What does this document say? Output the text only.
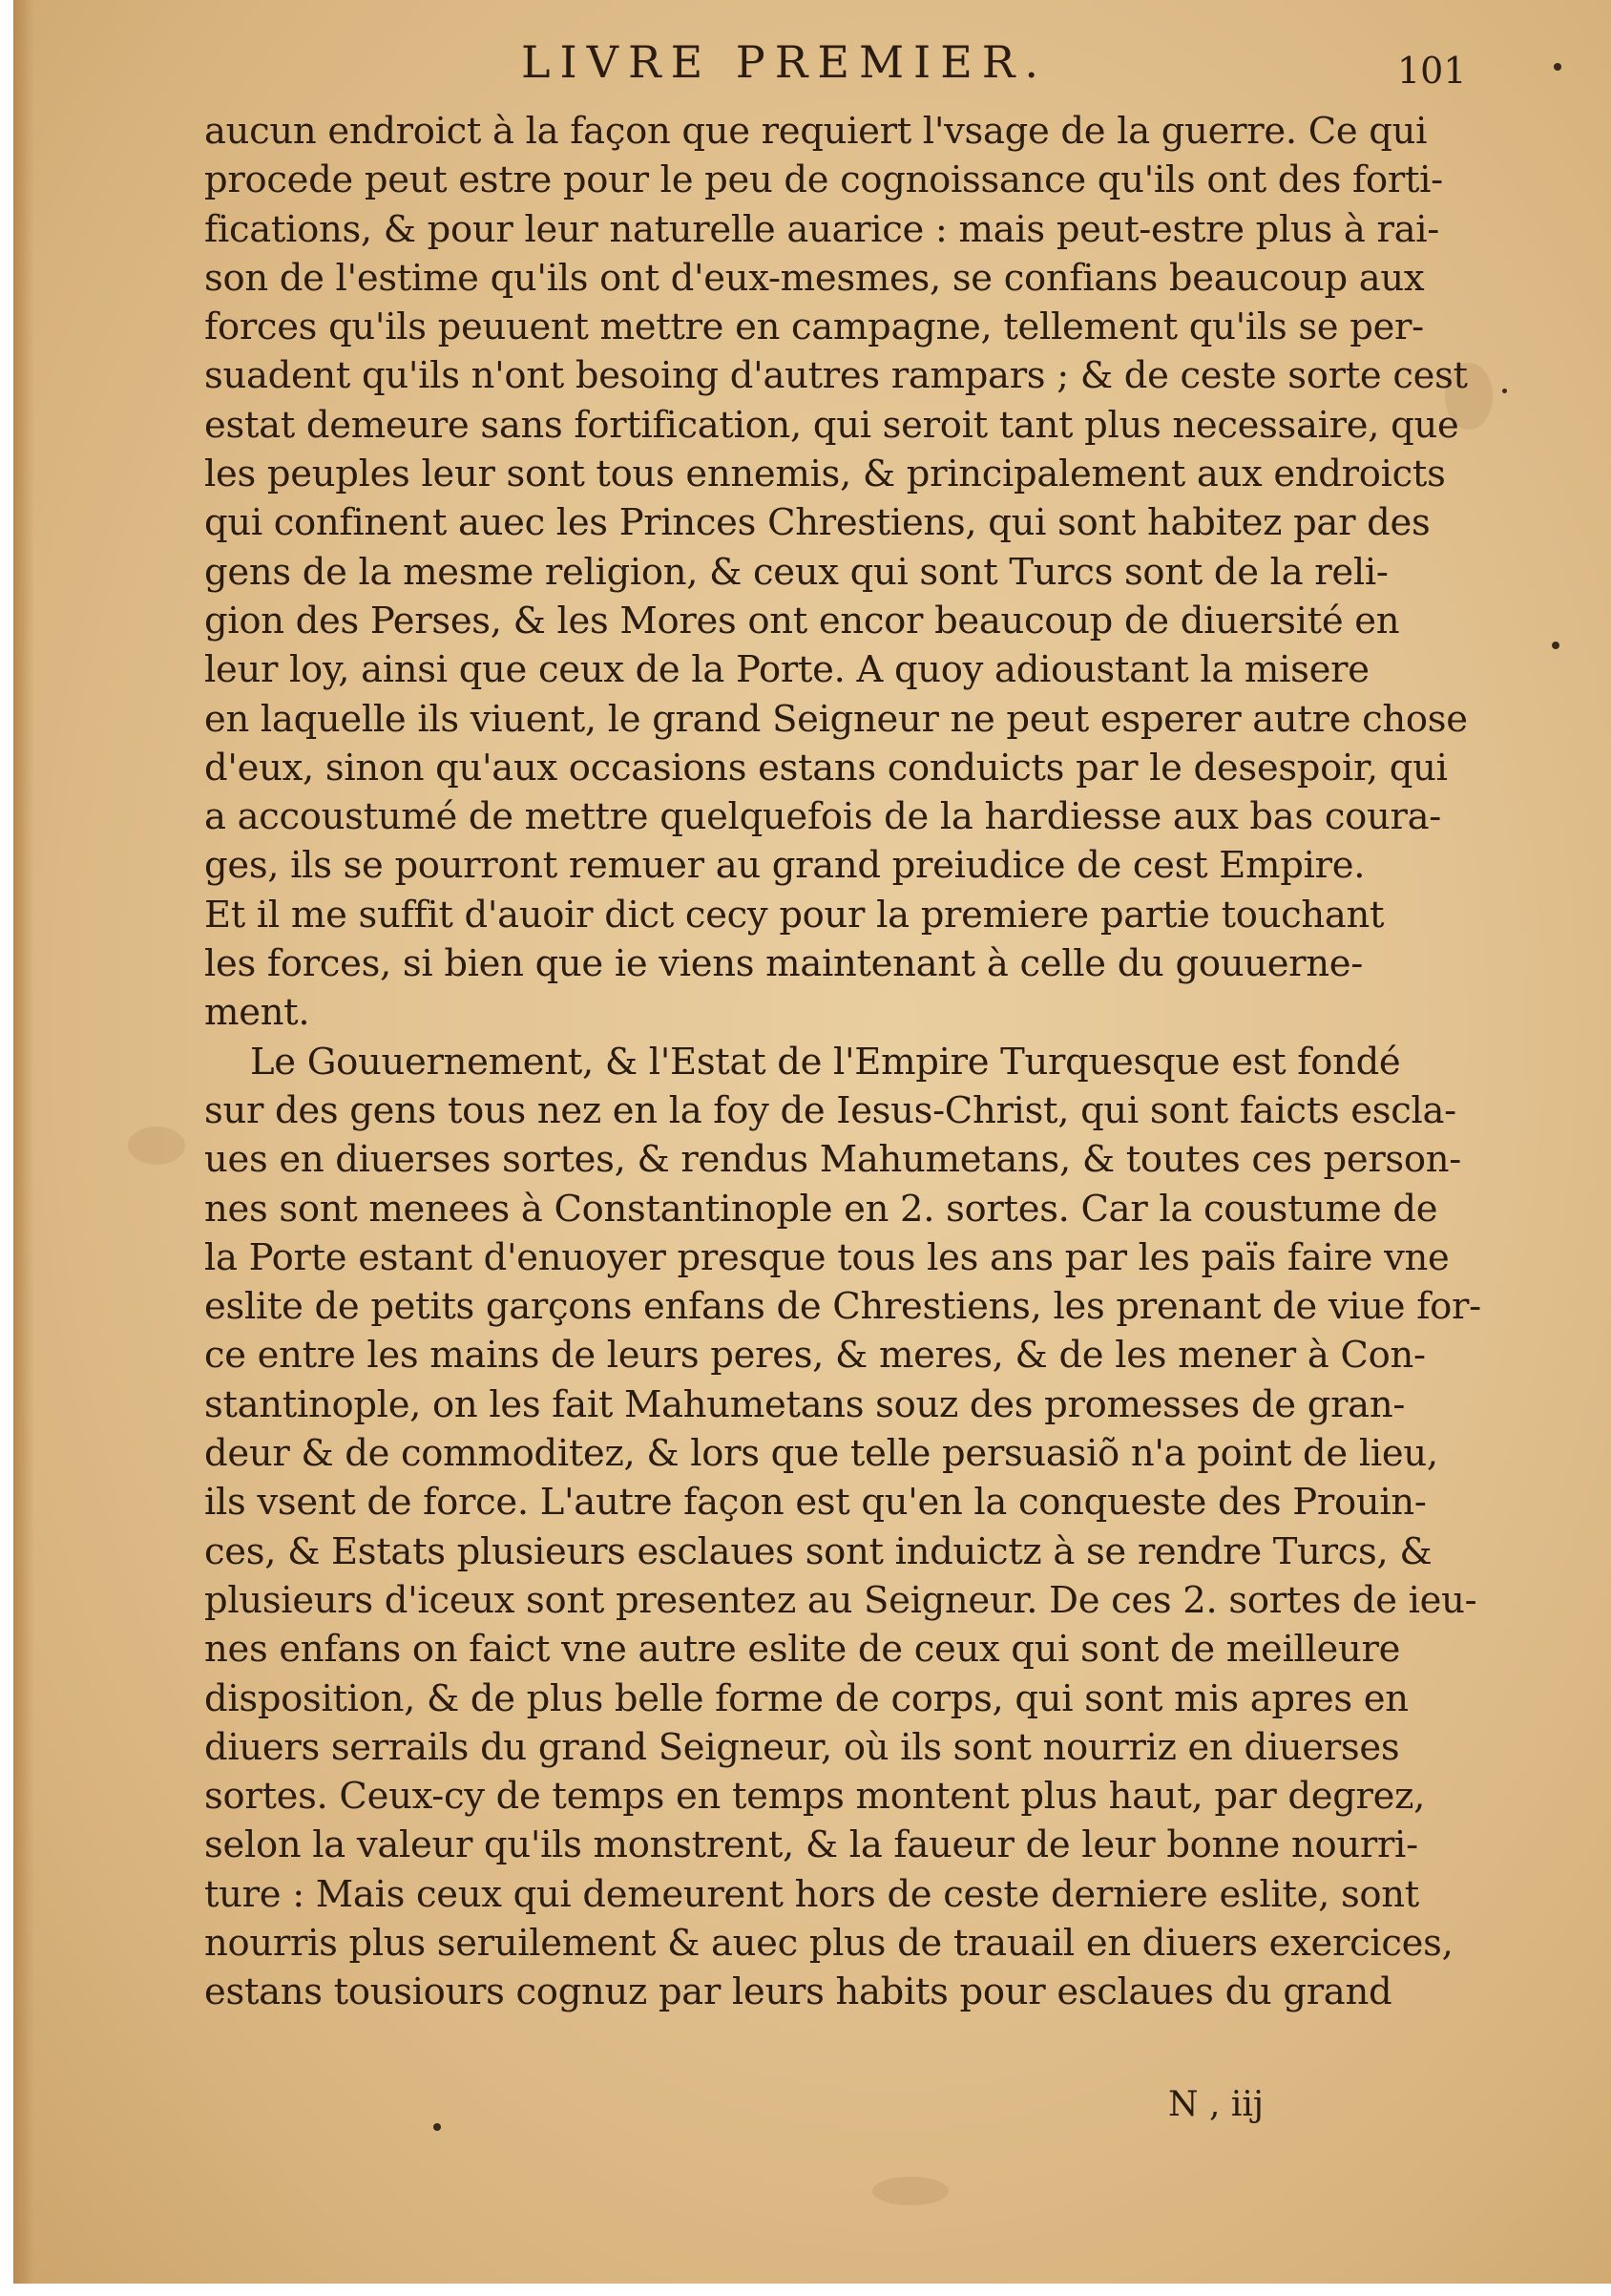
LIVRE PREMIER.	101
aucun endroict à la façon que requiert l'vsage de la guerre. Ce qui
procede peut estre pour le peu de cognoissance qu'ils ont des forti-
fications, & pour leur naturelle auarice : mais peut-estre plus à rai-
son de l'estime qu'ils ont d'eux-mesmes, se confians beaucoup aux
forces qu'ils peuuent mettre en campagne, tellement qu'ils se per-
suadent qu'ils n'ont besoing d'autres rampars ; & de ceste sorte cest
estat demeure sans fortification, qui seroit tant plus necessaire, que
les peuples leur sont tous ennemis, & principalement aux endroicts
qui confinent auec les Princes Chrestiens, qui sont habitez par des
gens de la mesme religion, & ceux qui sont Turcs sont de la reli-
gion des Perses, & les Mores ont encor beaucoup de diuersité en
leur loy, ainsi que ceux de la Porte. A quoy adioustant la misere
en laquelle ils viuent, le grand Seigneur ne peut esperer autre chose
d'eux, sinon qu'aux occasions estans conduicts par le desespoir, qui
a accoustumé de mettre quelquefois de la hardiesse aux bas coura-
ges, ils se pourront remuer au grand preiudice de cest Empire.
Et il me suffit d'auoir dict cecy pour la premiere partie touchant
les forces, si bien que ie viens maintenant à celle du gouuerne-
ment.
Le Gouuernement, & l'Estat de l'Empire Turquesque est fondé
sur des gens tous nez en la foy de Iesus-Christ, qui sont faicts escla-
ues en diuerses sortes, & rendus Mahumetans, & toutes ces person-
nes sont menees à Constantinople en 2. sortes. Car la coustume de
la Porte estant d'enuoyer presque tous les ans par les païs faire vne
eslite de petits garçons enfans de Chrestiens, les prenant de viue for-
ce entre les mains de leurs peres, & meres, & de les mener à Con-
stantinople, on les fait Mahumetans souz des promesses de gran-
deur & de commoditez, & lors que telle persuasiõ n'a point de lieu,
ils vsent de force. L'autre façon est qu'en la conqueste des Prouin-
ces, & Estats plusieurs esclaues sont induictz à se rendre Turcs, &
plusieurs d'iceux sont presentez au Seigneur. De ces 2. sortes de ieu-
nes enfans on faict vne autre eslite de ceux qui sont de meilleure
disposition, & de plus belle forme de corps, qui sont mis apres en
diuers serrails du grand Seigneur, où ils sont nourriz en diuerses
sortes. Ceux-cy de temps en temps montent plus haut, par degrez,
selon la valeur qu'ils monstrent, & la faueur de leur bonne nourri-
ture : Mais ceux qui demeurent hors de ceste derniere eslite, sont
nourris plus seruilement & auec plus de trauail en diuers exercices,
estans tousiours cognuz par leurs habits pour esclaues du grand
N , iij
